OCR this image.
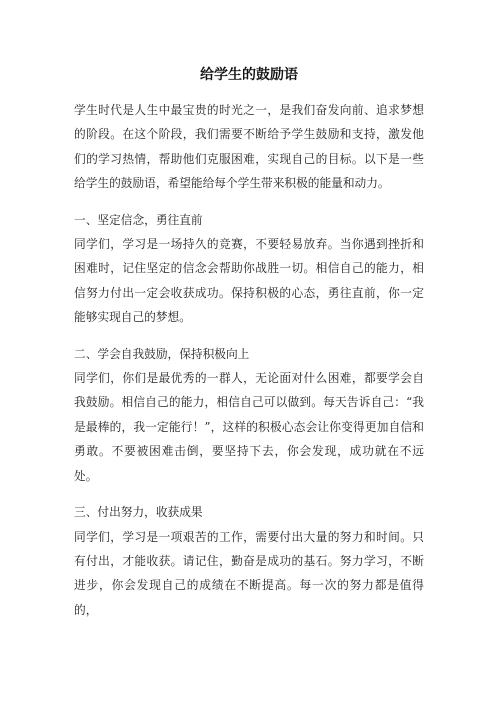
给学生的鼓励语

学生时代是人生中最宝贵的时光之一，是我们奋发向前、追求梦想的阶段。在这个阶段，我们需要不断给予学生鼓励和支持，激发他们的学习热情，帮助他们克服困难，实现自己的目标。以下是一些给学生的鼓励语，希望能给每个学生带来积极的能量和动力。

一、坚定信念，勇往直前

同学们，学习是一场持久的竞赛，不要轻易放弃。当你遇到挫折和困难时，记住坚定的信念会帮助你战胜一切。相信自己的能力，相信努力付出一定会收获成功。保持积极的心态，勇往直前，你一定能够实现自己的梦想。

二、学会自我鼓励，保持积极向上

同学们，你们是最优秀的一群人，无论面对什么困难，都要学会自我鼓励。相信自己的能力，相信自己可以做到。每天告诉自己：“我是最棒的，我一定能行！”，这样的积极心态会让你变得更加自信和勇敢。不要被困难击倒，要坚持下去，你会发现，成功就在不远处。

三、付出努力，收获成果

同学们，学习是一项艰苦的工作，需要付出大量的努力和时间。只有付出，才能收获。请记住，勤奋是成功的基石。努力学习，不断进步，你会发现自己的成绩在不断提高。每一次的努力都是值得的，
